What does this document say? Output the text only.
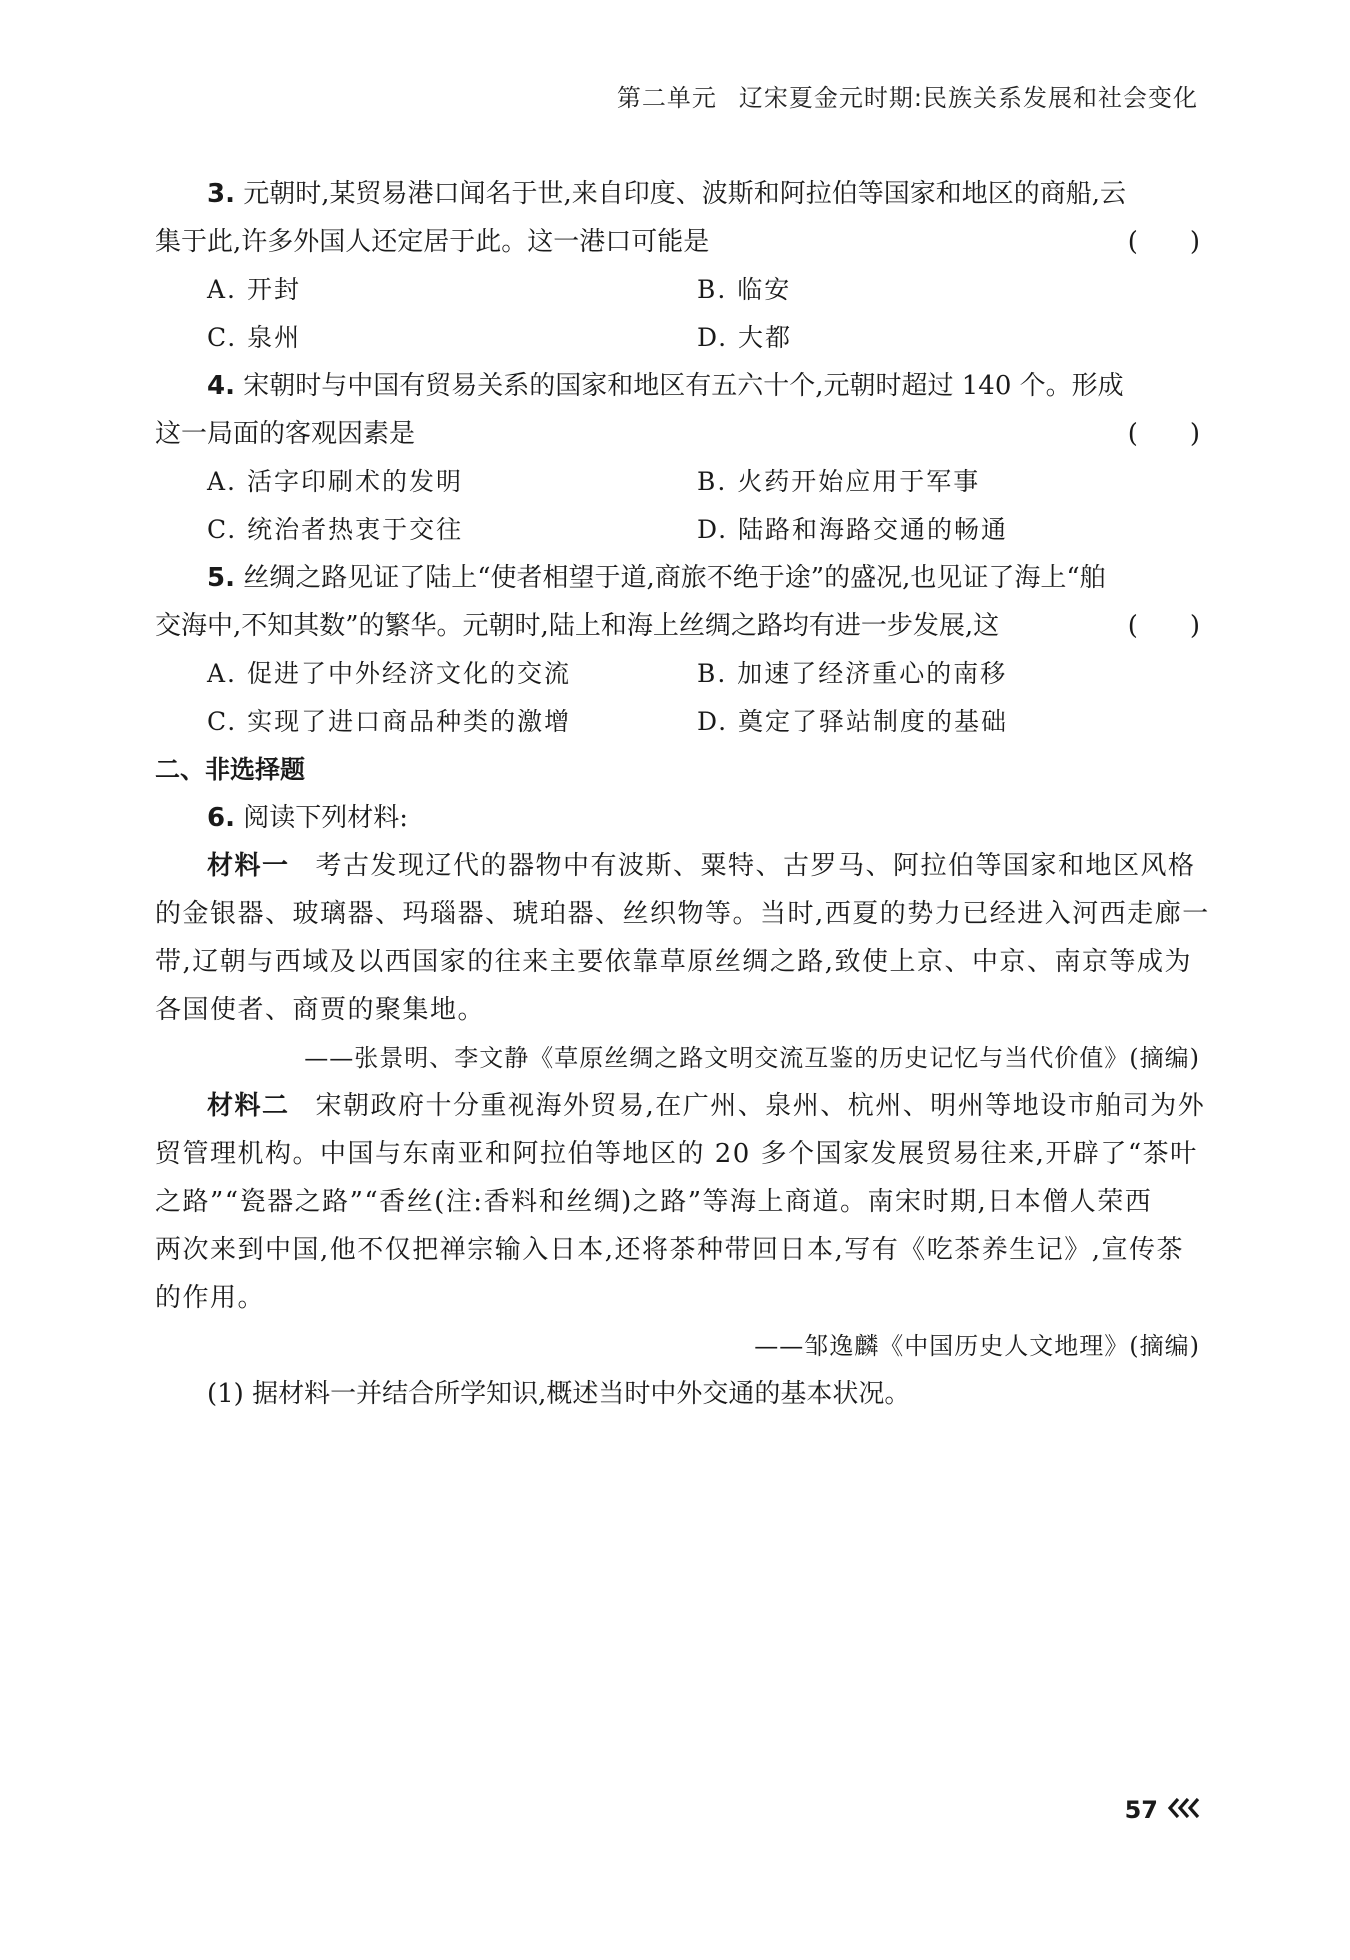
第二单元 辽宋夏金元时期:民族关系发展和社会变化
3. 元朝时,某贸易港口闻名于世,来自印度、波斯和阿拉伯等国家和地区的商船,云
集于此,许多外国人还定居于此。这一港口可能是	(　　)
A. 开封	B. 临安
C. 泉州	D. 大都
4. 宋朝时与中国有贸易关系的国家和地区有五六十个,元朝时超过 140 个。形成
这一局面的客观因素是	(　　)
A. 活字印刷术的发明	B. 火药开始应用于军事
C. 统治者热衷于交往	D. 陆路和海路交通的畅通
5. 丝绸之路见证了陆上“使者相望于道,商旅不绝于途”的盛况,也见证了海上“舶
交海中,不知其数”的繁华。元朝时,陆上和海上丝绸之路均有进一步发展,这	(　　)
A. 促进了中外经济文化的交流	B. 加速了经济重心的南移
C. 实现了进口商品种类的激增	D. 奠定了驿站制度的基础
二、非选择题
6. 阅读下列材料:
材料一 考古发现辽代的器物中有波斯、粟特、古罗马、阿拉伯等国家和地区风格
的金银器、玻璃器、玛瑙器、琥珀器、丝织物等。当时,西夏的势力已经进入河西走廊一
带,辽朝与西域及以西国家的往来主要依靠草原丝绸之路,致使上京、中京、南京等成为
各国使者、商贾的聚集地。
——张景明、李文静《草原丝绸之路文明交流互鉴的历史记忆与当代价值》(摘编)
材料二 宋朝政府十分重视海外贸易,在广州、泉州、杭州、明州等地设市舶司为外
贸管理机构。中国与东南亚和阿拉伯等地区的 20 多个国家发展贸易往来,开辟了“茶叶
之路”“瓷器之路”“香丝(注:香料和丝绸)之路”等海上商道。南宋时期,日本僧人荣西
两次来到中国,他不仅把禅宗输入日本,还将茶种带回日本,写有《吃茶养生记》,宣传茶
的作用。
——邹逸麟《中国历史人文地理》(摘编)
(1) 据材料一并结合所学知识,概述当时中外交通的基本状况。
57
